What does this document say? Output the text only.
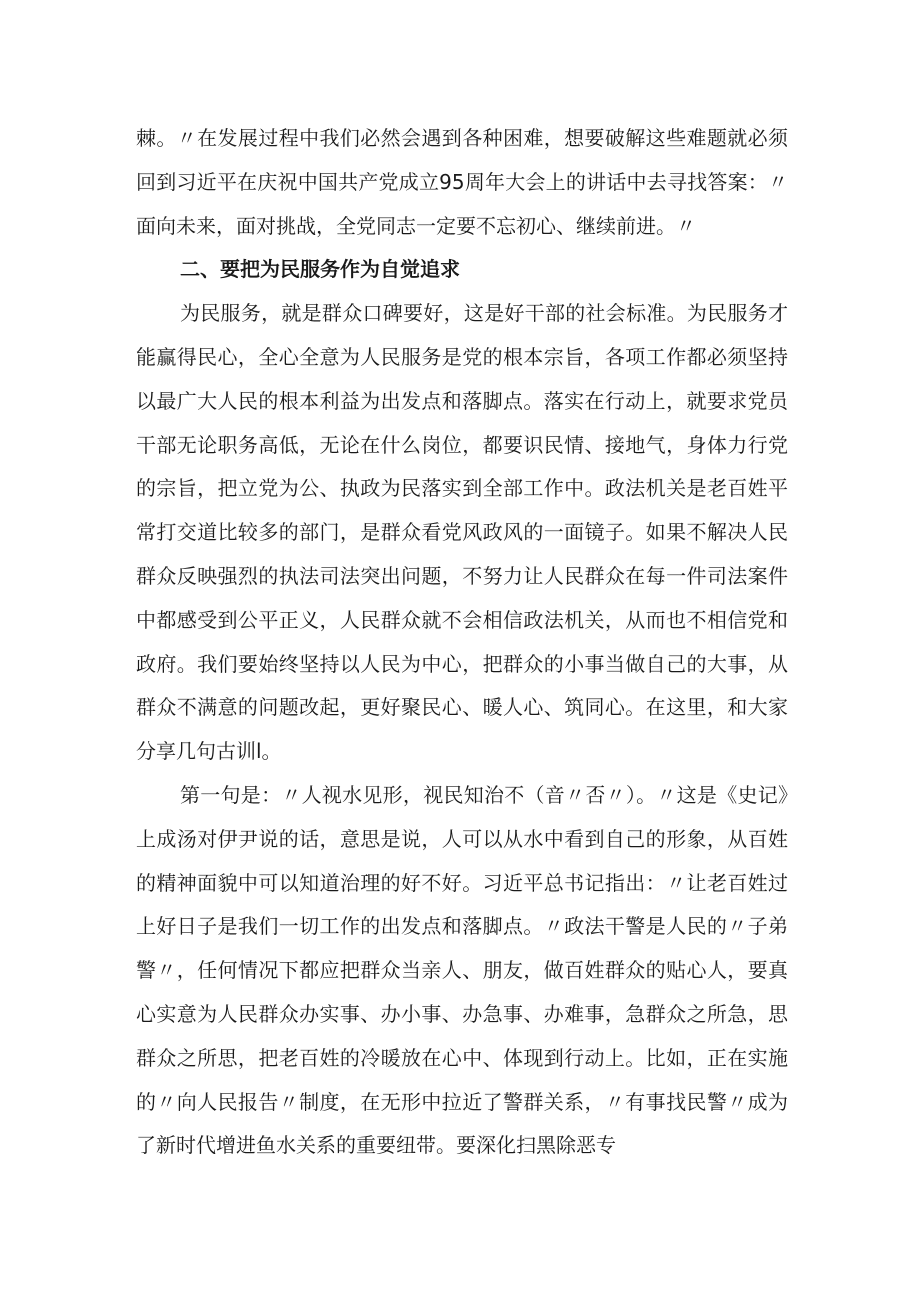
棘。〃在发展过程中我们必然会遇到各种困难，想要破解这些难题就必须回到习近平在庆祝中国共产党成立95周年大会上的讲话中去寻找答案：〃面向未来，面对挑战，全党同志一定要不忘初心、继续前进。〃

二、要把为民服务作为自觉追求

为民服务，就是群众口碑要好，这是好干部的社会标准。为民服务才能赢得民心，全心全意为人民服务是党的根本宗旨，各项工作都必须坚持以最广大人民的根本利益为出发点和落脚点。落实在行动上，就要求党员干部无论职务高低，无论在什么岗位，都要识民情、接地气，身体力行党的宗旨，把立党为公、执政为民落实到全部工作中。政法机关是老百姓平常打交道比较多的部门，是群众看党风政风的一面镜子。如果不解决人民群众反映强烈的执法司法突出问题，不努力让人民群众在每一件司法案件中都感受到公平正义，人民群众就不会相信政法机关，从而也不相信党和政府。我们要始终坚持以人民为中心，把群众的小事当做自己的大事，从群众不满意的问题改起，更好聚民心、暖人心、筑同心。在这里，和大家分享几句古训l。

第一句是：〃人视水见形，视民知治不（音〃否〃）。〃这是《史记》上成汤对伊尹说的话，意思是说，人可以从水中看到自己的形象，从百姓的精神面貌中可以知道治理的好不好。习近平总书记指出：〃让老百姓过上好日子是我们一切工作的出发点和落脚点。〃政法干警是人民的〃子弟警〃，任何情况下都应把群众当亲人、朋友，做百姓群众的贴心人，要真心实意为人民群众办实事、办小事、办急事、办难事，急群众之所急，思群众之所思，把老百姓的冷暖放在心中、体现到行动上。比如，正在实施的〃向人民报告〃制度，在无形中拉近了警群关系，〃有事找民警〃成为了新时代增进鱼水关系的重要纽带。要深化扫黑除恶专
